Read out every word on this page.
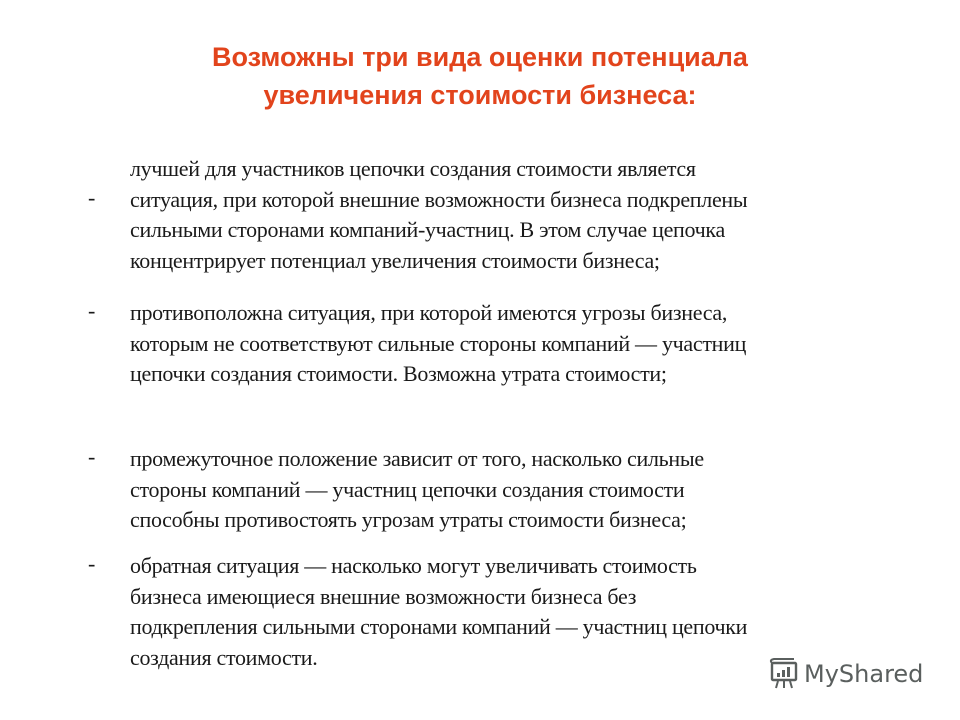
Возможны три вида оценки потенциала
увеличения стоимости бизнеса:
-
лучшей для участников цепочки создания стоимости является
ситуация, при которой внешние возможности бизнеса подкреплены
сильными сторонами компаний-участниц. В этом случае цепочка
концентрирует потенциал увеличения стоимости бизнеса;
- противоположна ситуация, при которой имеются угрозы бизнеса,
которым не соответствуют сильные стороны компаний — участниц
цепочки создания стоимости. Возможна утрата стоимости;
- промежуточное положение зависит от того, насколько сильные
стороны компаний — участниц цепочки создания стоимости
способны противостоять угрозам утраты стоимости бизнеса;
- обратная ситуация — насколько могут увеличивать стоимость
бизнеса имеющиеся внешние возможности бизнеса без
подкрепления сильными сторонами компаний — участниц цепочки
создания стоимости.
MyShared
